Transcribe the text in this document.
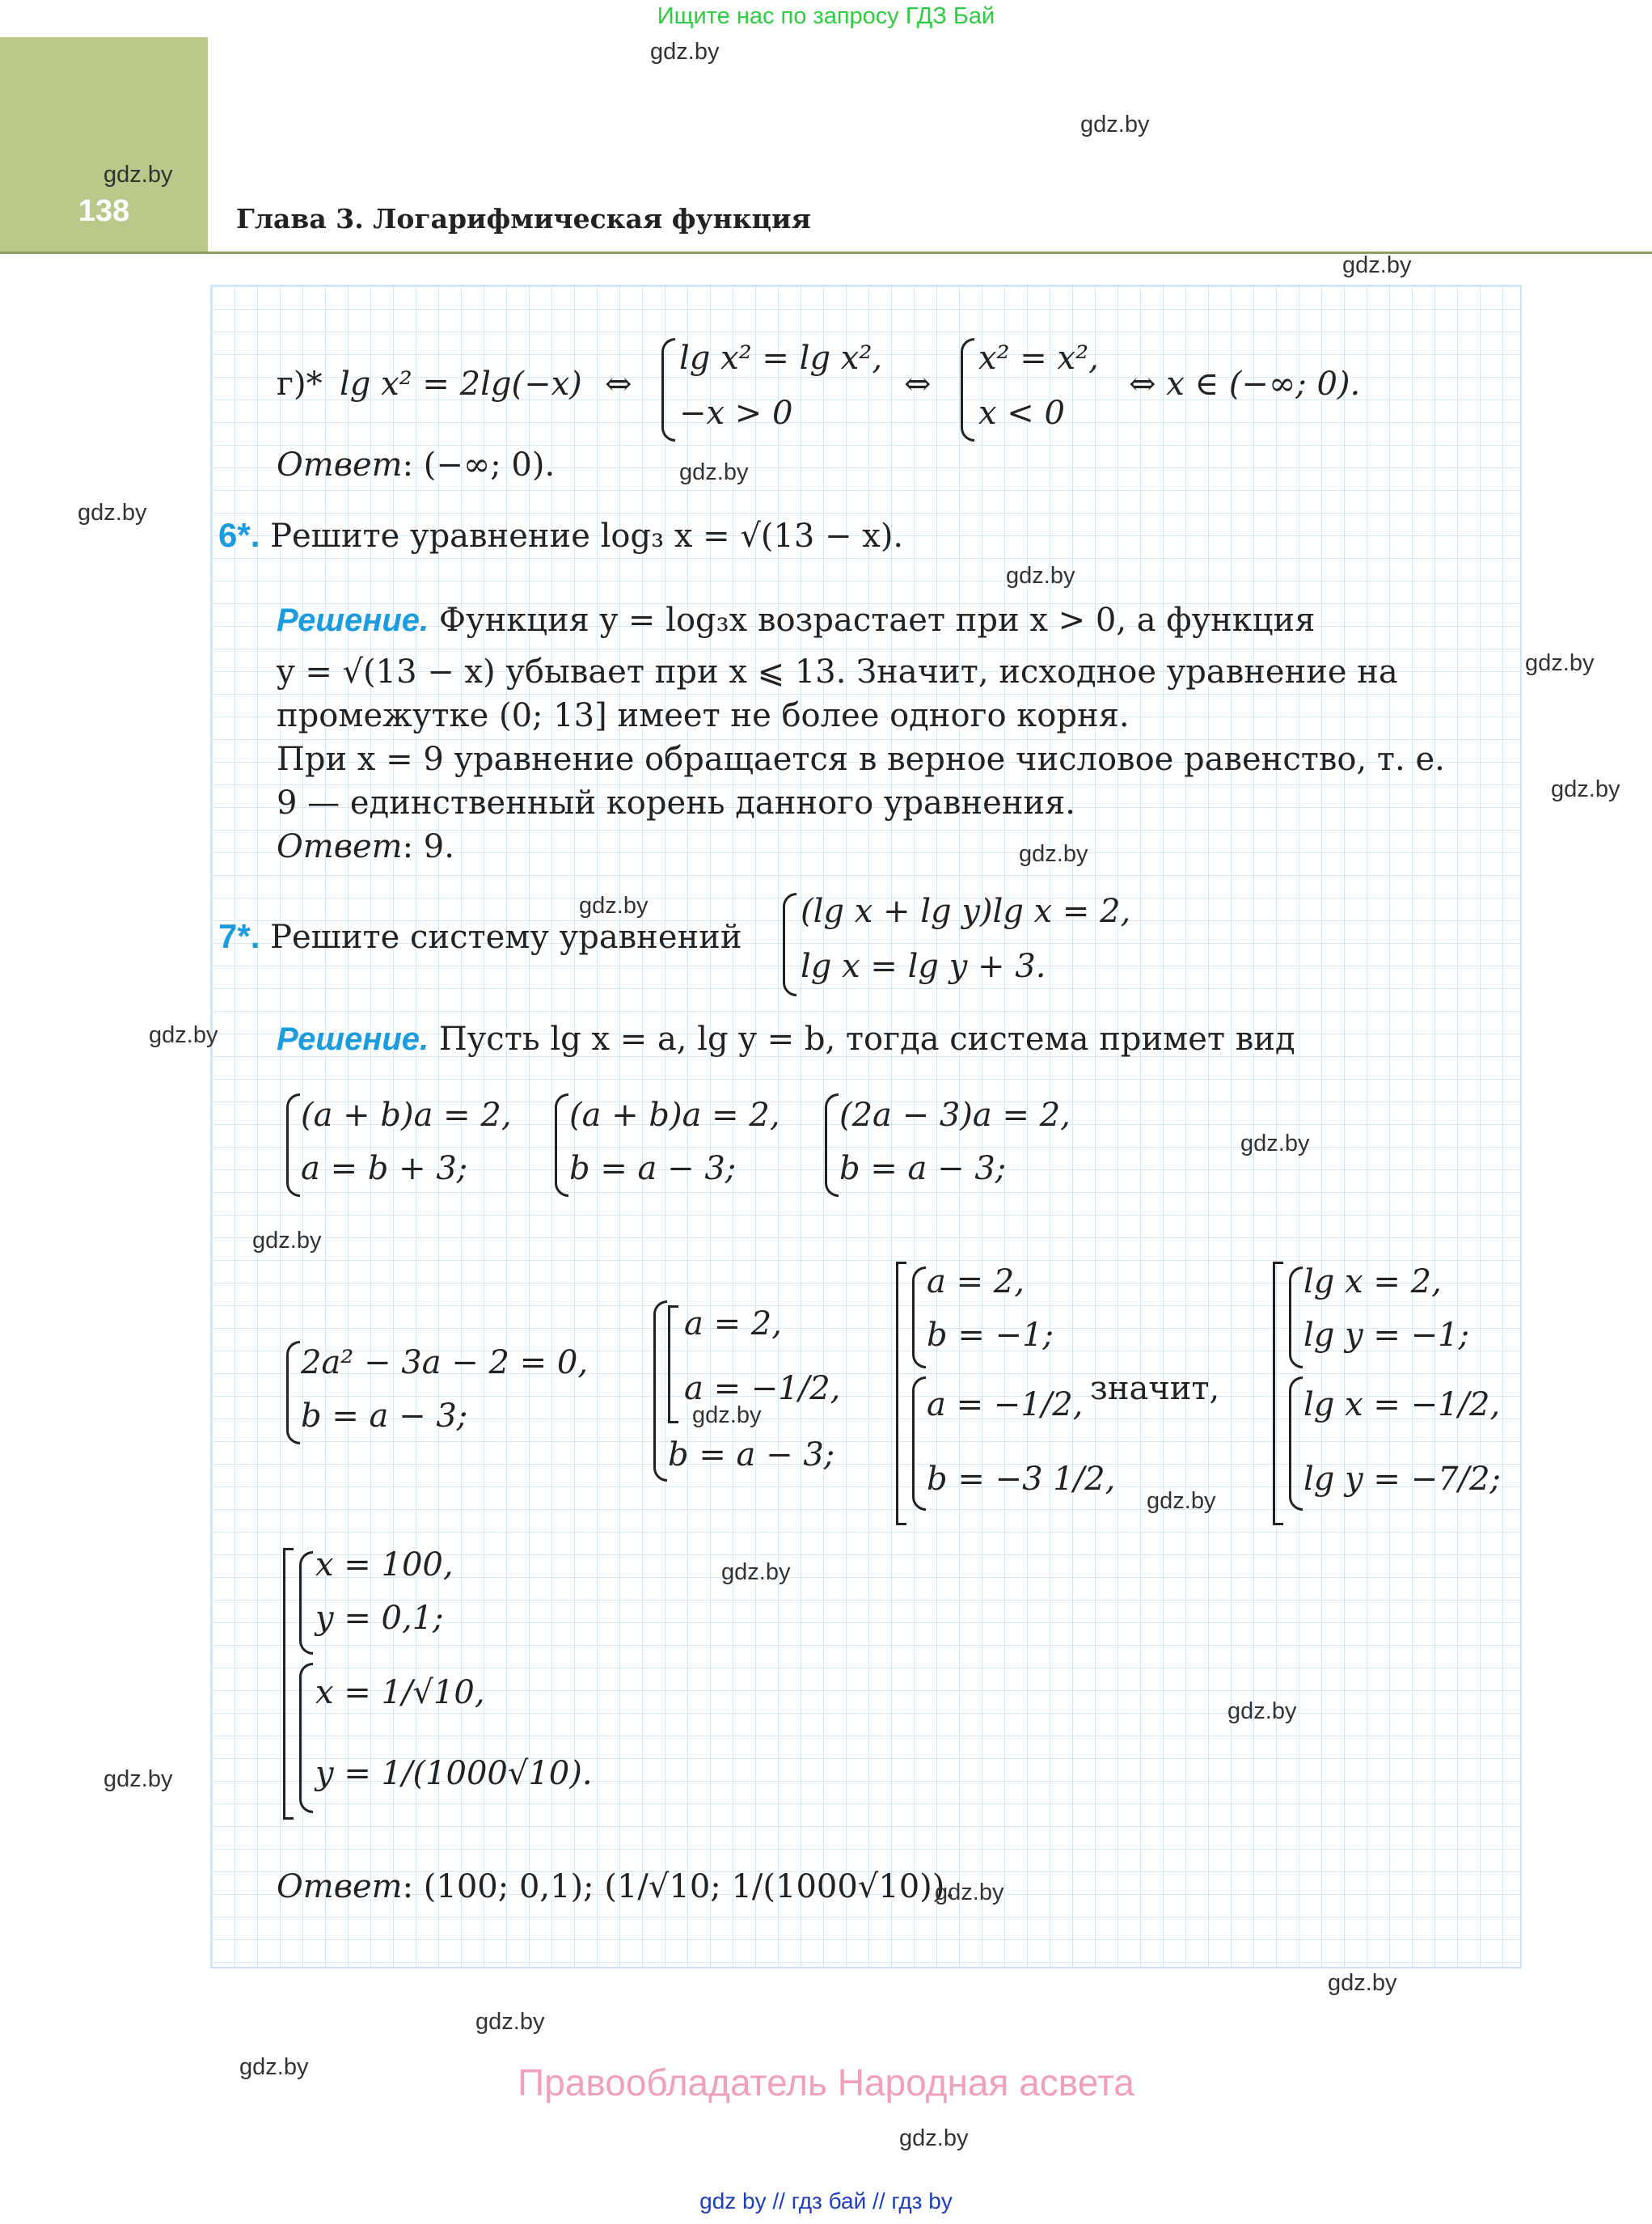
Ищите нас по запросу ГДЗ Бай
138	Глава 3. Логарифмическая функция
г)* lg x² = 2lg(−x) ⇔
lg x² = lg x²,
−x > 0
⇔
x² = x²,
x < 0
⇔ x ∈ (−∞; 0).
Ответ: (−∞; 0).
6*. Решите уравнение log₃ x = √(13 − x).
Решение. Функция y = log₃x возрастает при x > 0, а функция
y = √(13 − x) убывает при x ⩽ 13. Значит, исходное уравнение на
промежутке (0; 13] имеет не более одного корня.
При x = 9 уравнение обращается в верное числовое равенство, т. е.
9 — единственный корень данного уравнения.
Ответ: 9.
7*. Решите систему уравнений
(lg x + lg y)lg x = 2,
lg x = lg y + 3.
Решение. Пусть lg x = a, lg y = b, тогда система примет вид
(a + b)a = 2,
a = b + 3;
(a + b)a = 2,
b = a − 3;
(2a − 3)a = 2,
b = a − 3;
2a² − 3a − 2 = 0,
b = a − 3;
a = 2,
a = −1/2,
b = a − 3;
a = 2,
b = −1;
a = −1/2,
b = −3 1/2,
значит,
lg x = 2,
lg y = −1;
lg x = −1/2,
lg y = −7/2;
x = 100,
y = 0,1;
x = 1/√10,
y = 1/(1000√10).
Ответ: (100; 0,1); (1/√10; 1/(1000√10)).
gdz.by
gdz.by
gdz.by
gdz.by
gdz.by
gdz.by
gdz.by
gdz.by
gdz.by
gdz.by
gdz.by
gdz.by
gdz.by
gdz.by
gdz.by
gdz.by
gdz.by
gdz.by
gdz.by
gdz.by
gdz.by
gdz.by
gdz.by
gdz.by
Правообладатель Народная асвета
gdz by // гдз бай // гдз by
